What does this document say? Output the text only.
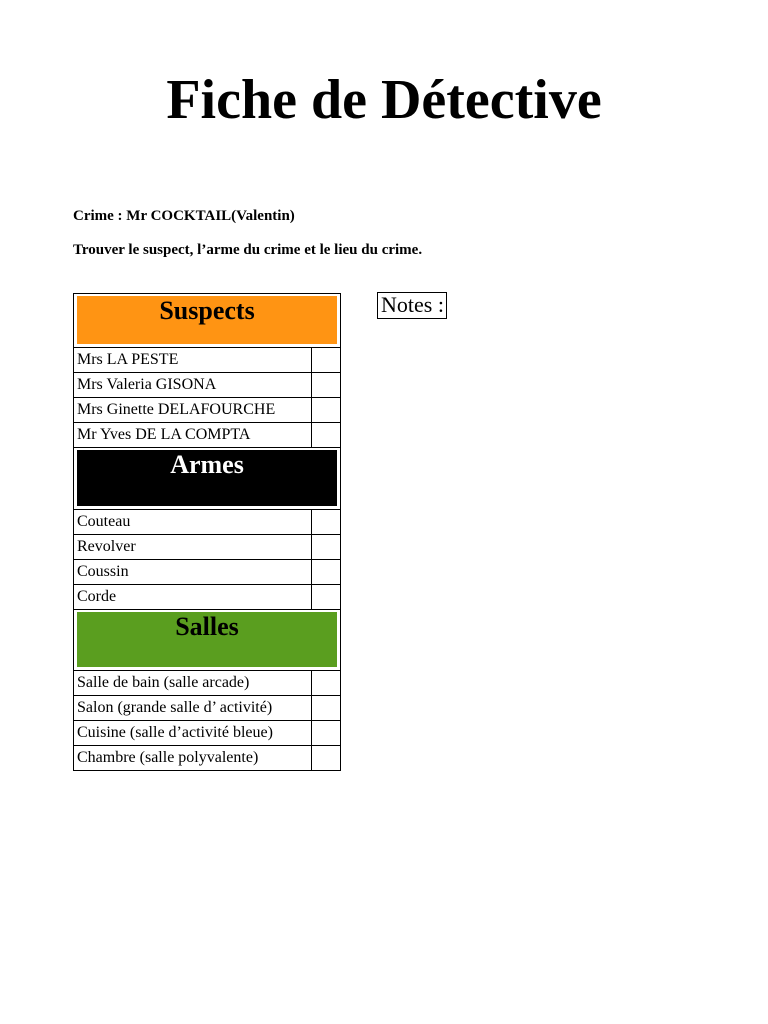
Fiche de Détective
Crime : Mr COCKTAIL(Valentin)
Trouver le suspect, l’arme du crime et le lieu du crime.
Suspects	

Mrs LA PESTE	

Mrs Valeria GISONA	

Mrs Ginette DELAFOURCHE	

Mr Yves DE LA COMPTA	

Armes	

Couteau	

Revolver	

Coussin	

Corde	

Salles	

Salle de bain (salle arcade)	

Salon (grande salle d’ activité)	

Cuisine (salle d’activité bleue)	

Chambre (salle polyvalente)	
Notes :
